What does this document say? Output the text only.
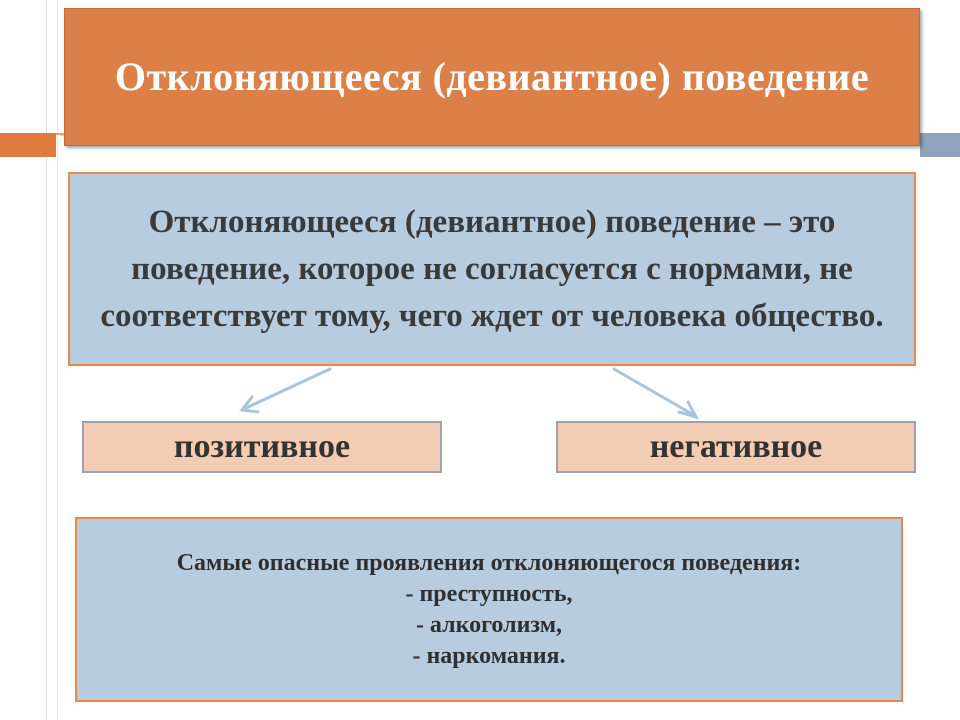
Отклоняющееся (девиантное) поведение
Отклоняющееся (девиантное) поведение – это поведение, которое не согласуется с нормами, не соответствует тому, чего ждет от человека общество.
позитивное	негативное
Самые опасные проявления отклоняющегося поведения:
- преступность,
- алкоголизм,
- наркомания.
